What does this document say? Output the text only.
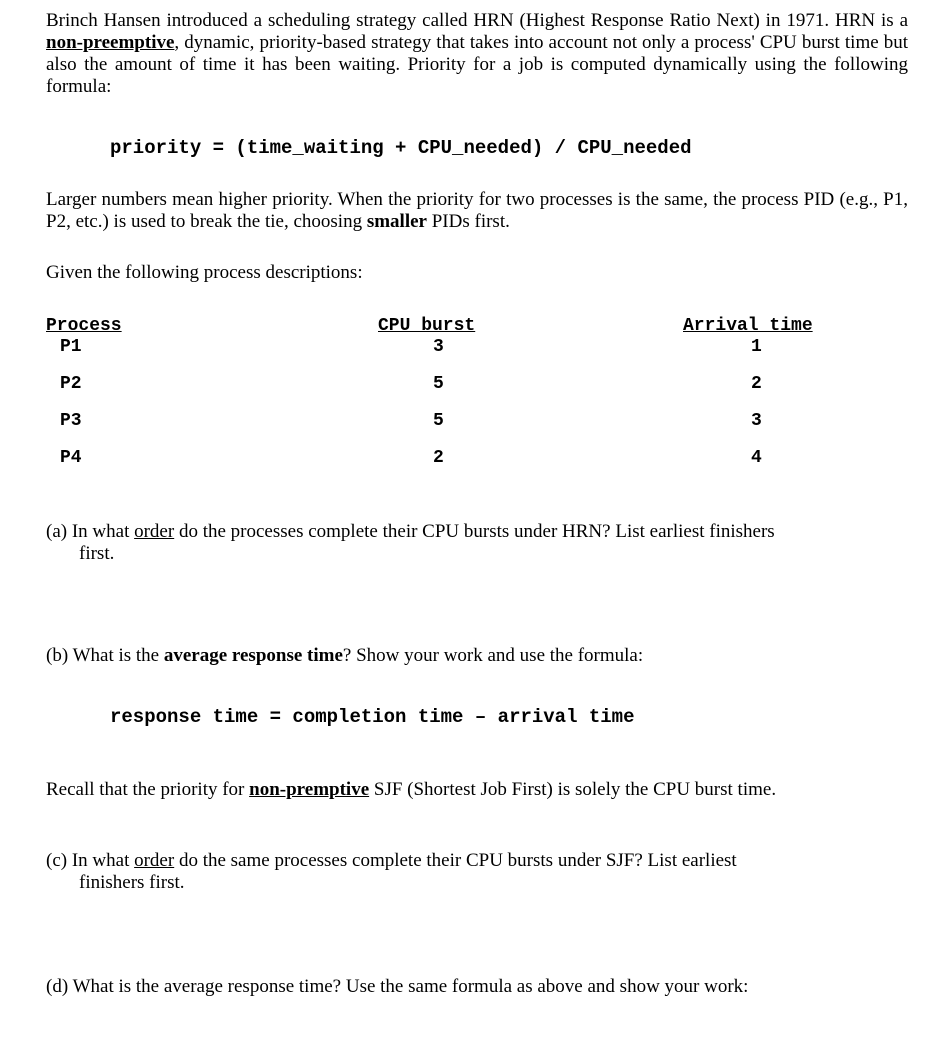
Brinch Hansen introduced a scheduling strategy called HRN (Highest Response Ratio Next) in 1971. HRN is a non-preemptive, dynamic, priority-based strategy that takes into account not only a process' CPU burst time but also the amount of time it has been waiting. Priority for a job is computed dynamically using the following formula:

priority = (time_waiting + CPU_needed) / CPU_needed

Larger numbers mean higher priority. When the priority for two processes is the same, the process PID (e.g., P1, P2, etc.) is used to break the tie, choosing smaller PIDs first.

Given the following process descriptions:

Process	CPU burst	Arrival time
P1	3	1
P2	5	2
P3	5	3
P4	2	4
(a) In what order do the processes complete their CPU bursts under HRN? List earliest finishers
first.
(b) What is the average response time? Show your work and use the formula:
response time = completion time – arrival time

Recall that the priority for non-premptive SJF (Shortest Job First) is solely the CPU burst time.

(c) In what order do the same processes complete their CPU bursts under SJF? List earliest
finishers first.
(d) What is the average response time? Use the same formula as above and show your work:
